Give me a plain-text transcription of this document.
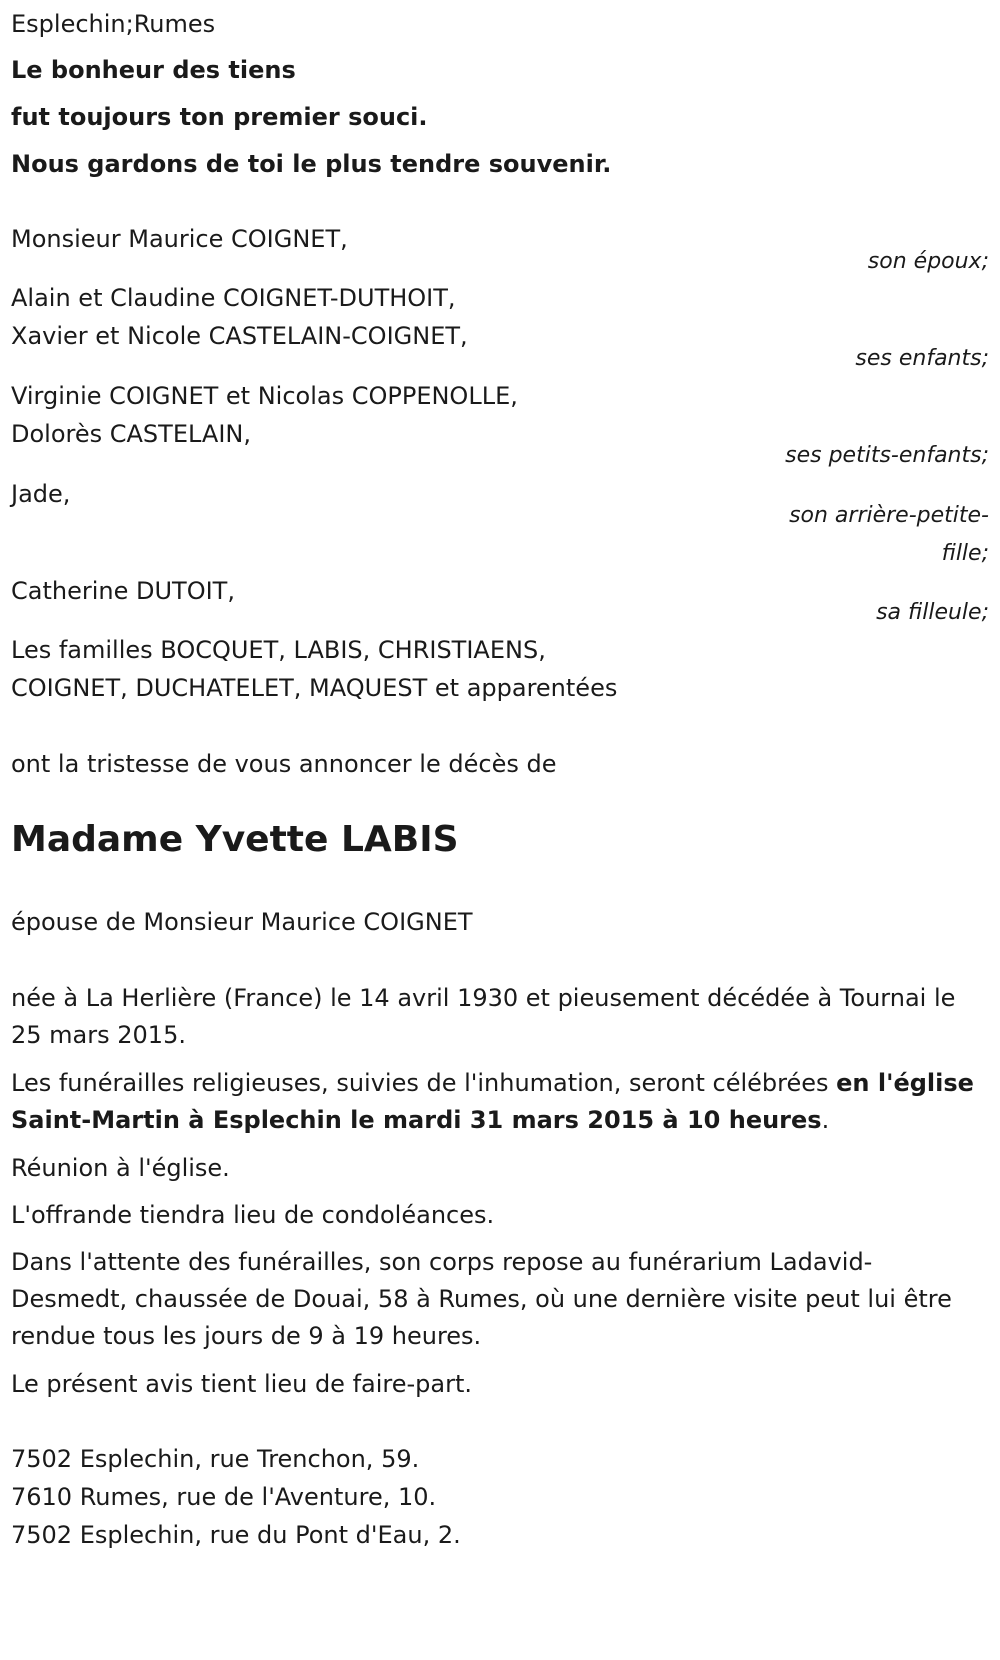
Esplechin;Rumes
Le bonheur des tiens
fut toujours ton premier souci.
Nous gardons de toi le plus tendre souvenir.
Monsieur Maurice COIGNET,
son époux;
Alain et Claudine COIGNET-DUTHOIT,
Xavier et Nicole CASTELAIN-COIGNET,
ses enfants;
Virginie COIGNET et Nicolas COPPENOLLE,
Dolorès CASTELAIN,
ses petits-enfants;
Jade,
son arrière-petite-
fille;
Catherine DUTOIT,
sa filleule;
Les familles BOCQUET, LABIS, CHRISTIAENS,
COIGNET, DUCHATELET, MAQUEST et apparentées
ont la tristesse de vous annoncer le décès de
Madame Yvette LABIS
épouse de Monsieur Maurice COIGNET
née à La Herlière (France) le 14 avril 1930 et pieusement décédée à Tournai le 25 mars 2015.
Les funérailles religieuses, suivies de l'inhumation, seront célébrées en l'église Saint-Martin à Esplechin le mardi 31 mars 2015 à 10 heures.
Réunion à l'église.
L'offrande tiendra lieu de condoléances.
Dans l'attente des funérailles, son corps repose au funérarium Ladavid-Desmedt, chaussée de Douai, 58 à Rumes, où une dernière visite peut lui être rendue tous les jours de 9 à 19 heures.
Le présent avis tient lieu de faire-part.
7502 Esplechin, rue Trenchon, 59.
7610 Rumes, rue de l'Aventure, 10.
7502 Esplechin, rue du Pont d'Eau, 2.
